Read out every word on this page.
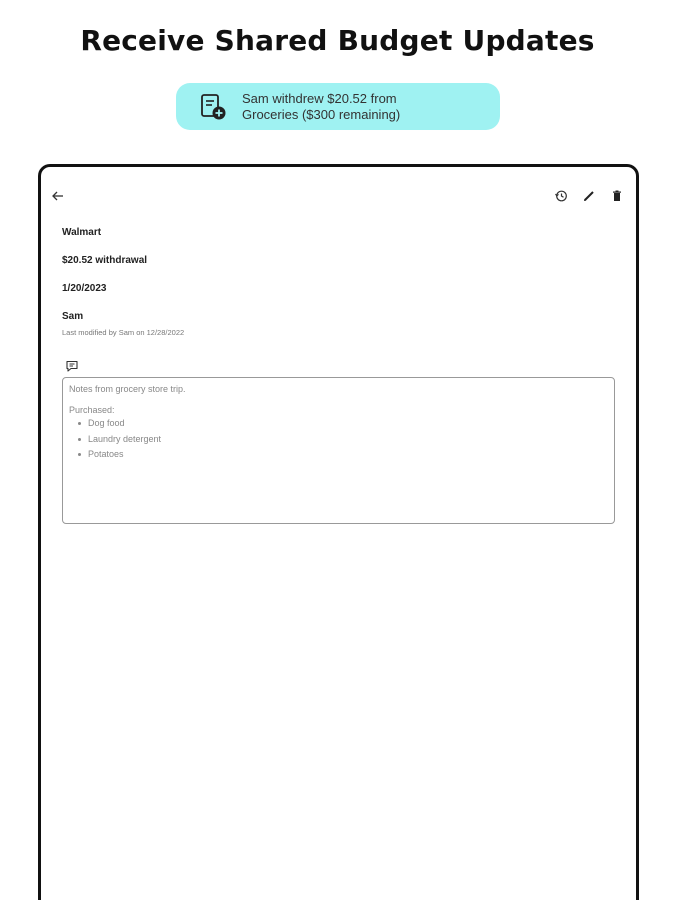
Receive Shared Budget Updates
Sam withdrew $20.52 from
Groceries ($300 remaining)
Walmart
$20.52 withdrawal
1/20/2023
Sam
Last modified by Sam on 12/28/2022
Notes from grocery store trip.
Purchased:
Dog food
Laundry detergent
Potatoes
